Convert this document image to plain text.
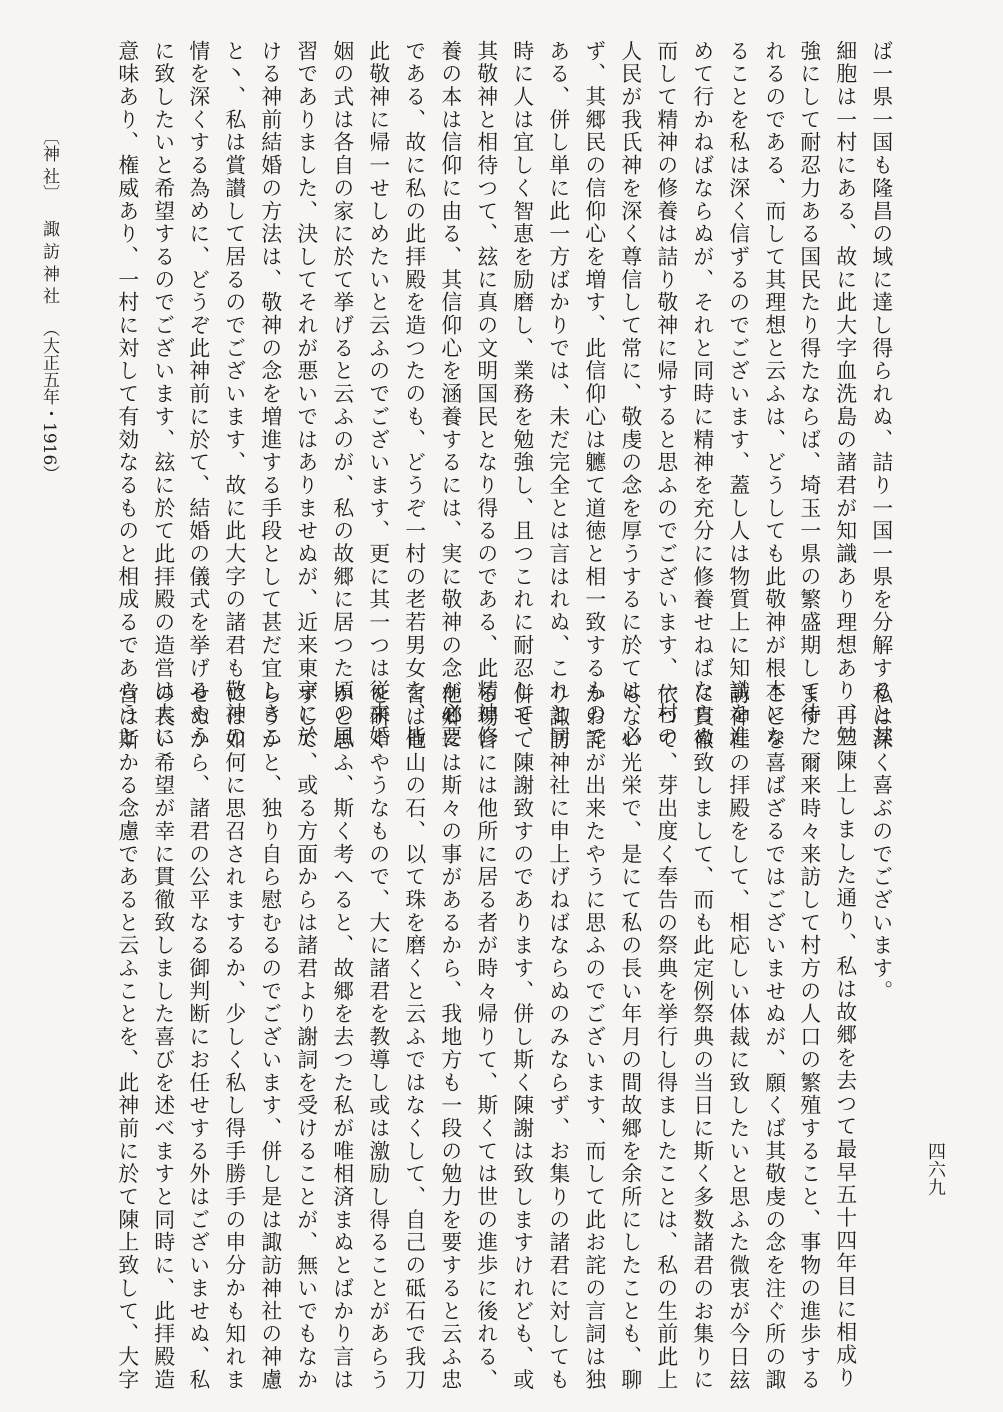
ば一県一国も隆昌の域に達し得られぬ、詰り一国一県を分解すると其

細胞は一村にある、故に此大字血洗島の諸君が知識あり理想あり、勉

強にして耐忍力ある国民たり得たならば、埼玉一県の繁盛期して待た

れるのである、而して其理想と云ふは、どうしても此敬神が根本にな

ることを私は深く信ずるのでございます、蓋し人は物質上に知識を進

めて行かねばならぬが、それと同時に精神を充分に修養せねばならぬ

而して精神の修養は詰り敬神に帰すると思ふのでございます、一村の

人民が我氏神を深く尊信して常に、敬虔の念を厚うするに於ては、必

ず、其郷民の信仰心を増す、此信仰心は軈て道徳と相一致するもので

ある、併し単に此一方ばかりでは、未だ完全とは言はれぬ、これと同

時に人は宜しく智恵を励磨し、業務を勉強し、且つこれに耐忍して、

其敬神と相待つて、玆に真の文明国民となり得るのである、此精神修

養の本は信仰に由る、其信仰心を涵養するには、実に敬神の念が必要

である、故に私の此拝殿を造つたのも、どうぞ一村の老若男女を、皆

此敬神に帰一せしめたいと云ふのでございます、更に其一つは従来婚

姻の式は各自の家に於て挙げると云ふのが、私の故郷に居つた頃の風

習でありました、決してそれが悪いではありませぬが、近来東京に於

ける神前結婚の方法は、敬神の念を増進する手段として甚だ宜しきこ

と丶、私は賞讃して居るのでございます、故に此大字の諸君も敬神の

情を深くする為めに、どうぞ此神前に於て、結婚の儀式を挙げるやう

に致したいと希望するのでございます、玆に於て此拝殿の造営は大に

意味あり、権威あり、一村に対して有効なるものと相成るであらうと

私は深く喜ぶのでございます。

再三陳上しました通り、私は故郷を去つて最早五十四年目に相成り

ます、爾来時々来訪して村方の人口の繁殖すること、事物の進歩する

ことを喜ばざるではございませぬが、願くば其敬虔の念を注ぐ所の諏

訪神社の拝殿をして、相応しい体裁に致したいと思ふた微衷が今日玆

に貫徹致しまして、而も此定例祭典の当日に斯く多数諸君のお集りに

依つて、芽出度く奉告の祭典を挙行し得ましたことは、私の生前此上

もない光栄で、是にて私の長い年月の間故郷を余所にしたことも、聊

かお詫が出来たやうに思ふのでございます、而して此お詫の言詞は独

り諏訪神社に申上げねばならぬのみならず、お集りの諸君に対しても

併せて陳謝致すのであります、併し斯く陳謝は致しますけれども、或

る場合には他所に居る者が時々帰りて、斯くては世の進歩に後れる、

他郷には斯々の事があるから、我地方も一段の勉力を要すると云ふ忠

言は他山の石、以て珠を磨くと云ふではなくして、自己の砥石で我刀

を研ぐやうなもので、大に諸君を教導し或は激励し得ることがあらう

かと思ふ、斯く考へると、故郷を去つた私が唯相済まぬとばかり言は

ずして、或る方面からは諸君より謝詞を受けることが、無いでもなか

らうかと、独り自ら慰むるのでございます、併し是は諏訪神社の神慮

には如何に思召されまするか、少しく私し得手勝手の申分かも知れま

せぬから、諸君の公平なる御判断にお任せする外はございませぬ、私

の長い希望が幸に貫徹致しました喜びを述べますと同時に、此拝殿造

営は斯かる念慮であると云ふことを、此神前に於て陳上致して、大字

〔神 社〕

諏 訪 神 社

（大正五年・1916）

四六九
